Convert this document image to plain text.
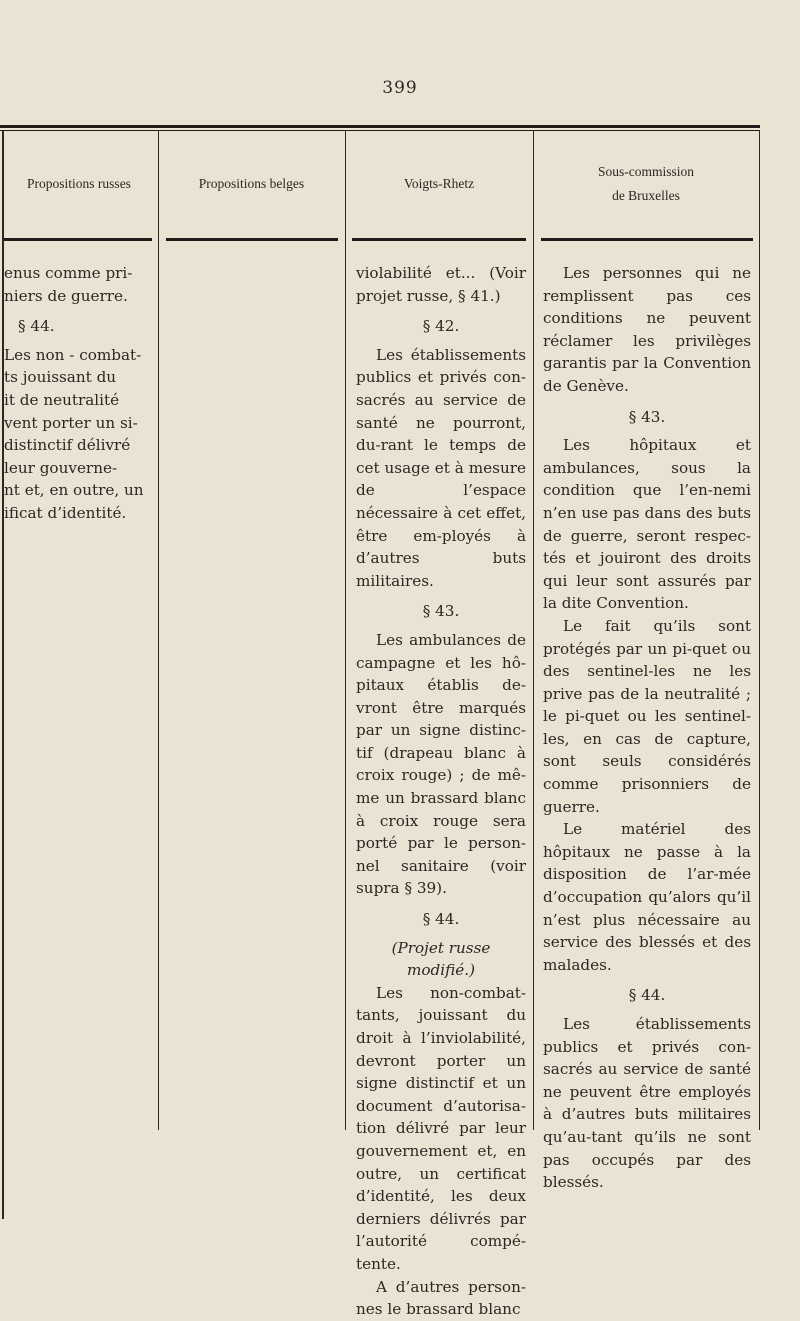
399
Propositions russes	Propositions belges	Voigts-Rhetz
Sous-commission
de Bruxelles

enus comme pri-

niers de guerre.

§ 44.

Les non - combat-

ts jouissant du

it de neutralité

vent porter un si-

distinctif délivré

leur gouverne-

nt et, en outre, un

ificat d’identité.

violabilité et... (Voir projet russe, § 41.)

§ 42.

Les établissements publics et privés con-sacrés au service de santé ne pourront, du-rant le temps de cet usage et à mesure de l’espace nécessaire à cet effet, être em-ployés à d’autres buts militaires.

§ 43.

Les ambulances de campagne et les hô-pitaux établis de-vront être marqués par un signe distinc-tif (drapeau blanc à croix rouge) ; de mê-me un brassard blanc à croix rouge sera porté par le person-nel sanitaire (voir supra § 39).

§ 44.

(Projet russe modifié.)

Les non-combat-tants, jouissant du droit à l’inviolabilité, devront porter un signe distinctif et un document d’autorisa-tion délivré par leur gouvernement et, en outre, un certificat d’identité, les deux derniers délivrés par l’autorité compé-tente.

A d’autres person-nes le brassard blanc

Les personnes qui ne remplissent pas ces conditions ne peuvent réclamer les privilèges garantis par la Convention de Genève.

§ 43.

Les hôpitaux et ambulances, sous la condition que l’en-nemi n’en use pas dans des buts de guerre, seront respec-tés et jouiront des droits qui leur sont assurés par la dite Convention.

Le fait qu’ils sont protégés par un pi-quet ou des sentinel-les ne les prive pas de la neutralité ; le pi-quet ou les sentinel-les, en cas de capture, sont seuls considérés comme prisonniers de guerre.

Le matériel des hôpitaux ne passe à la disposition de l’ar-mée d’occupation qu’alors qu’il n’est plus nécessaire au service des blessés et des malades.

§ 44.

Les établissements publics et privés con-sacrés au service de santé ne peuvent être employés à d’autres buts militaires qu’au-tant qu’ils ne sont pas occupés par des blessés.
